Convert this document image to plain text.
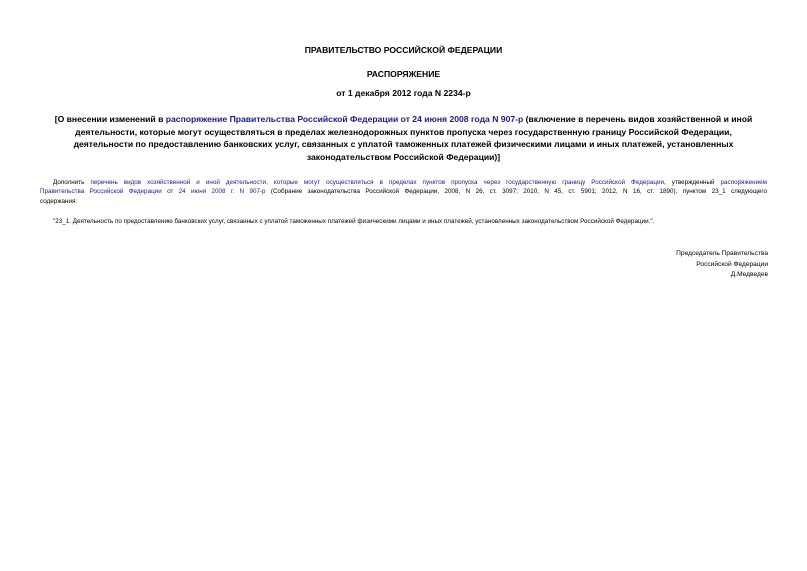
ПРАВИТЕЛЬСТВО РОССИЙСКОЙ ФЕДЕРАЦИИ
РАСПОРЯЖЕНИЕ
от 1 декабря 2012 года N 2234-р
[О внесении изменений в распоряжение Правительства Российской Федерации от 24 июня 2008 года N 907-р (включение в перечень видов хозяйственной и иной
деятельности, которые могут осуществляться в пределах железнодорожных пунктов пропуска через государственную границу Российской Федерации,
деятельности по предоставлению банковских услуг, связанных с уплатой таможенных платежей физическими лицами и иных платежей, установленных
законодательством Российской Федерации)]
Дополнить перечень видов хозяйственной и иной деятельности, которые могут осуществляться в пределах пунктов пропуска через государственную границу Российской Федерации, утвержденный распоряжением
Правительства Российской Федерации от 24 июня 2008 г. N 907-р (Собрание законодательства Российской Федерации, 2008, N 26, ст. 3097; 2010, N 45, ст. 5901; 2012, N 16, ст. 1890), пунктом 23_1 следующего
содержания:
"23_1. Деятельность по предоставлению банковских услуг, связанных с уплатой таможенных платежей физическими лицами и иных платежей, установленных законодательством Российской Федерации.".
Председатель Правительства
Российской Федерации
Д.Медведев
